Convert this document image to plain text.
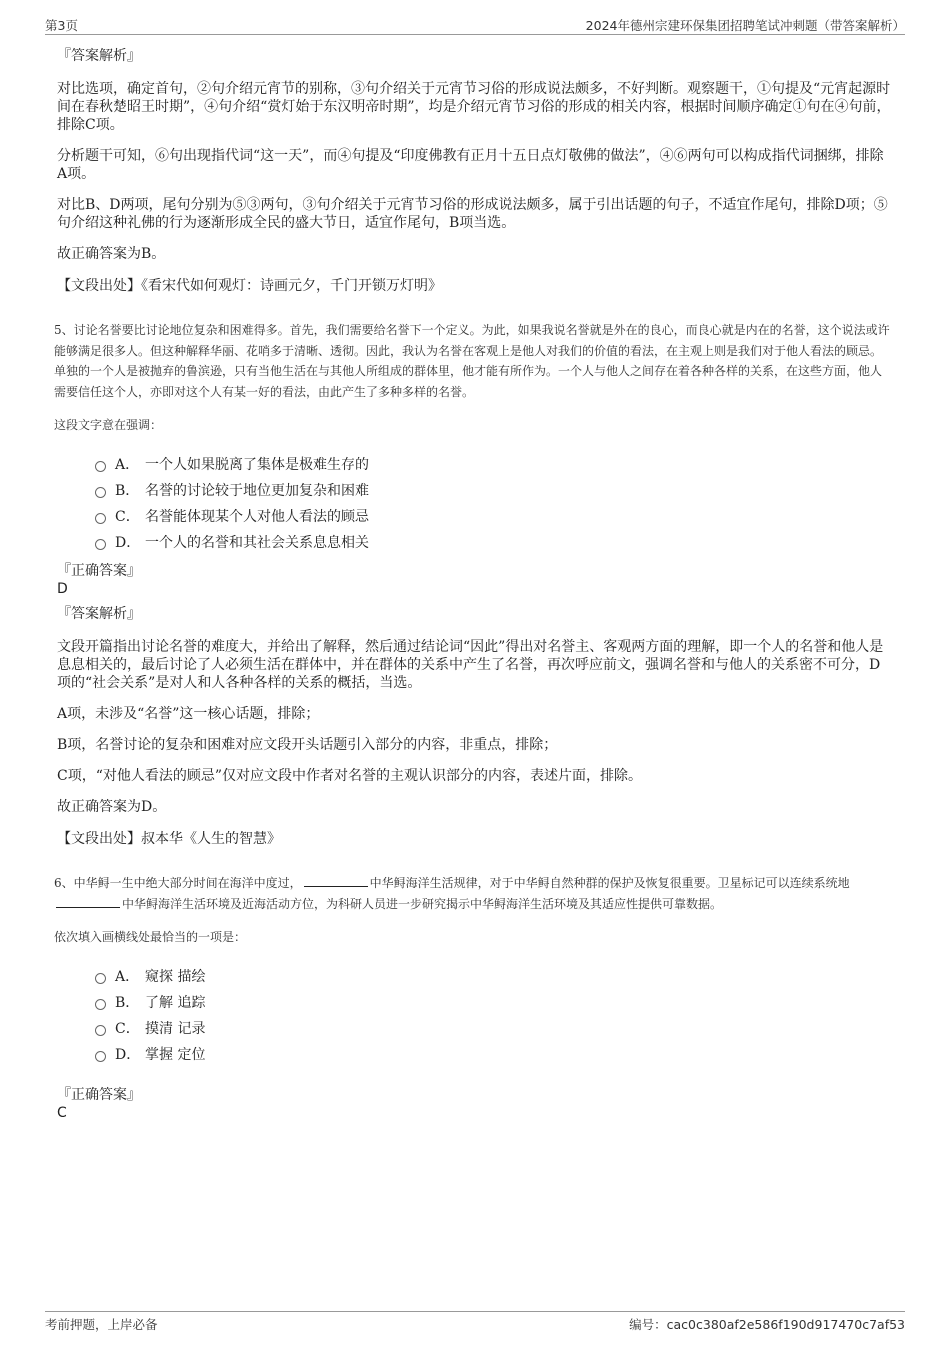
第3页	2024年德州宗建环保集团招聘笔试冲刺题（带答案解析）
『答案解析』
对比选项，确定首句，②句介绍元宵节的别称，③句介绍关于元宵节习俗的形成说法颇多，不好判断。观察题干，①句提及“元宵起源时间在春秋楚昭王时期”，④句介绍“赏灯始于东汉明帝时期”，均是介绍元宵节习俗的形成的相关内容，根据时间顺序确定①句在④句前，排除C项。
分析题干可知，⑥句出现指代词“这一天”，而④句提及“印度佛教有正月十五日点灯敬佛的做法”，④⑥两句可以构成指代词捆绑，排除A项。
对比B、D两项，尾句分别为⑤③两句，③句介绍关于元宵节习俗的形成说法颇多，属于引出话题的句子，不适宜作尾句，排除D项；⑤句介绍这种礼佛的行为逐渐形成全民的盛大节日，适宜作尾句，B项当选。
故正确答案为B。
【文段出处】《看宋代如何观灯：诗画元夕，千门开锁万灯明》
5、讨论名誉要比讨论地位复杂和困难得多。首先，我们需要给名誉下一个定义。为此，如果我说名誉就是外在的良心，而良心就是内在的名誉，这个说法或许能够满足很多人。但这种解释华丽、花哨多于清晰、透彻。因此，我认为名誉在客观上是他人对我们的价值的看法，在主观上则是我们对于他人看法的顾忌。单独的一个人是被抛弃的鲁滨逊，只有当他生活在与其他人所组成的群体里，他才能有所作为。一个人与他人之间存在着各种各样的关系，在这些方面，他人需要信任这个人，亦即对这个人有某一好的看法，由此产生了多种多样的名誉。
这段文字意在强调：
A． 一个人如果脱离了集体是极难生存的
B． 名誉的讨论较于地位更加复杂和困难
C． 名誉能体现某个人对他人看法的顾忌
D． 一个人的名誉和其社会关系息息相关
『正确答案』
D
『答案解析』
文段开篇指出讨论名誉的难度大，并给出了解释，然后通过结论词“因此”得出对名誉主、客观两方面的理解，即一个人的名誉和他人是息息相关的，最后讨论了人必须生活在群体中，并在群体的关系中产生了名誉，再次呼应前文，强调名誉和与他人的关系密不可分，D项的“社会关系”是对人和人各种各样的关系的概括，当选。
A项，未涉及“名誉”这一核心话题，排除；
B项，名誉讨论的复杂和困难对应文段开头话题引入部分的内容，非重点，排除；
C项，“对他人看法的顾忌”仅对应文段中作者对名誉的主观认识部分的内容，表述片面，排除。
故正确答案为D。
【文段出处】叔本华《人生的智慧》
6、中华鲟一生中绝大部分时间在海洋中度过，	中华鲟海洋生活规律，对于中华鲟自然种群的保护及恢复很重要。卫星标记可以连续系统地中华鲟海洋生活环境及近海活动方位，为科研人员进一步研究揭示中华鲟海洋生活环境及其适应性提供可靠数据。
依次填入画横线处最恰当的一项是：
A． 窥探 描绘
B． 了解 追踪
C． 摸清 记录
D． 掌握 定位
『正确答案』
C
考前押题，上岸必备	编号：cac0c380af2e586f190d917470c7af53
